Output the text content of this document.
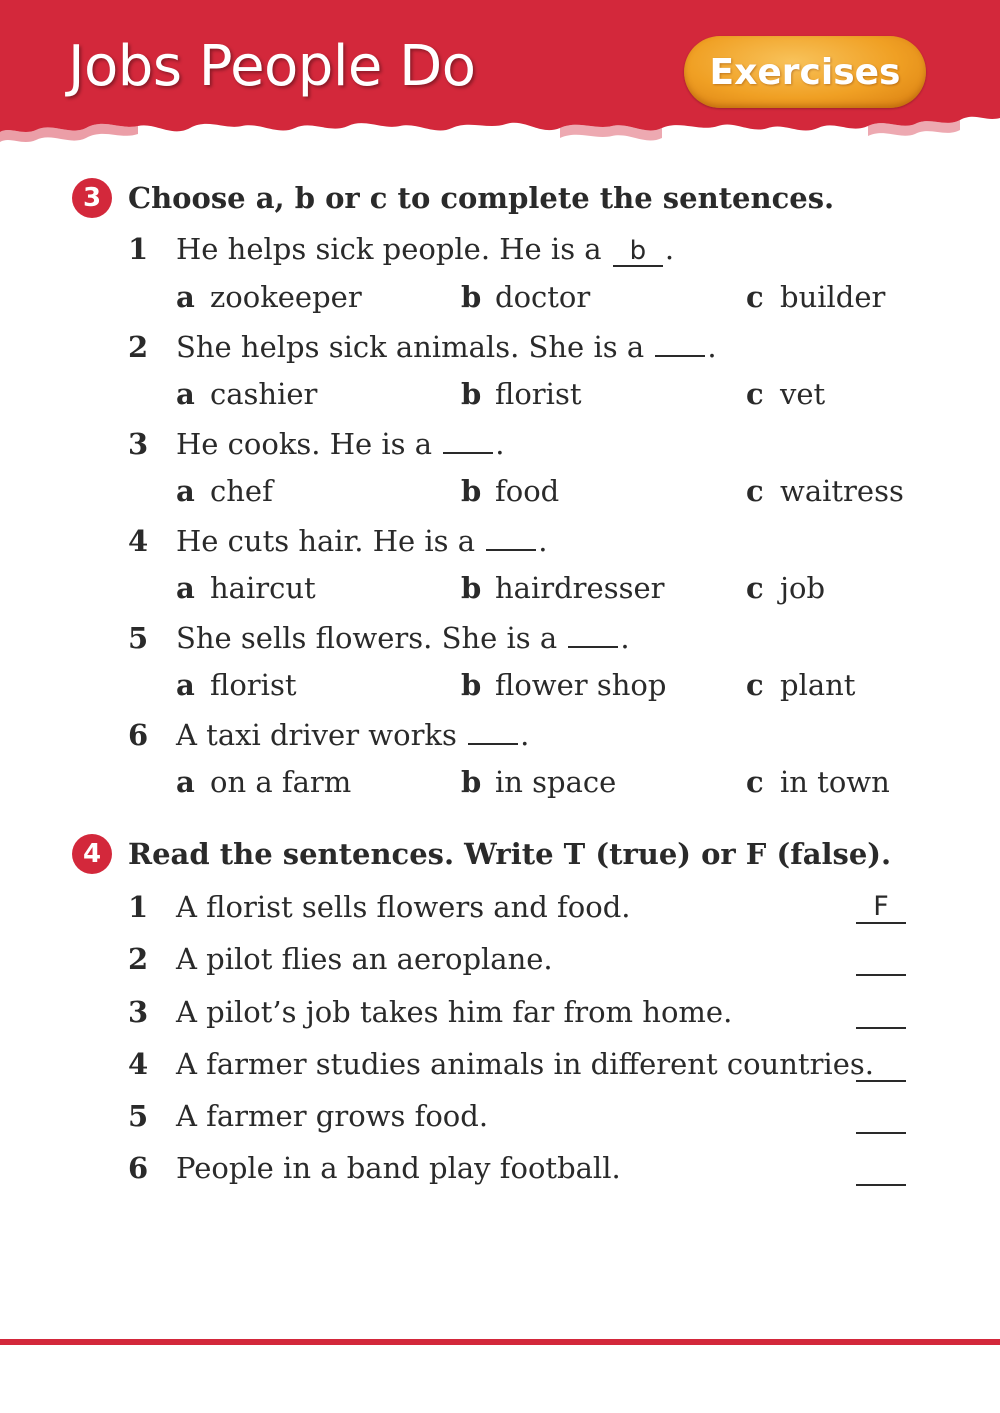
Jobs People Do	Exercises
3 Choose a, b or c to complete the sentences.
1 He helps sick people. He is a
	b .
a zookeeper	b doctor	c builder
2 She helps sick animals. She is a
.
a cashier	b florist	c vet
3 He cooks. He is a
.
a chef	b food	c waitress
4 He cuts hair. He is a
.
a haircut	b hairdresser	c job
5 She sells flowers. She is a
.
a florist	b flower shop	c plant
6 A taxi driver works
.
a on a farm	b in space	c in town
4 Read the sentences. Write T (true) or F (false).
1 A florist sells flowers and food.	F
2 A pilot flies an aeroplane.
3 A pilot’s job takes him far from home.
4 A farmer studies animals in different countries.
5 A farmer grows food.
6 People in a band play football.
